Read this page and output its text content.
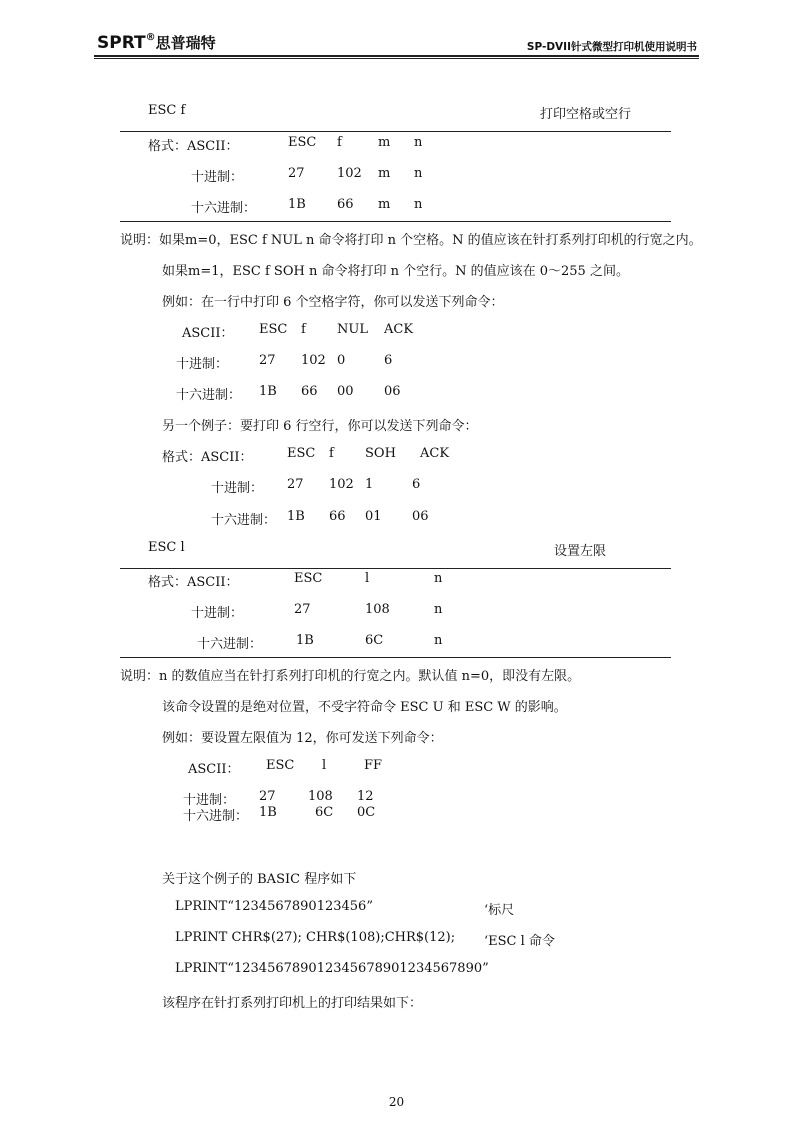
SPRT®思普瑞特	SP-DVII针式微型打印机使用说明书
ESC f	打印空格或空行
格式：ASCII：	ESC f	m n
十进制：	27 102 m n
十六进制： 1B 66 m n
说明：如果m=0，ESC f NUL n 命令将打印 n 个空格。N 的值应该在针打系列打印机的行宽之内。
如果m=1，ESC f SOH n 命令将打印 n 个空行。N 的值应该在 0～255 之间。
例如：在一行中打印 6 个空格字符，你可以发送下列命令：
ASCII： ESC f NUL ACK
十进制： 27 102 0	6
十六进制： 1B 66 00 06
另一个例子：要打印 6 行空行，你可以发送下列命令：
格式：ASCII：	ESC f SOH ACK
十进制： 27 102 1	6
十六进制： 1B 66 01 06
ESC l	设置左限
格式：ASCII：	ESC	l	n
十进制：	27	108	n
十六进制：	1B	6C	n
说明：n 的数值应当在针打系列打印机的行宽之内。默认值 n=0，即没有左限。
该命令设置的是绝对位置，不受字符命令 ESC U 和 ESC W 的影响。
例如：要设置左限值为 12，你可发送下列命令：
ASCII： ESC l	FF
十进制： 27 108 12
十六进制： 1B	6C 0C
关于这个例子的 BASIC 程序如下
LPRINT“1234567890123456”	‘标尺
LPRINT CHR$(27); CHR$(108);CHR$(12); ‘ESC l 命令
LPRINT“123456789012345678901234567890”
该程序在针打系列打印机上的打印结果如下：
20
